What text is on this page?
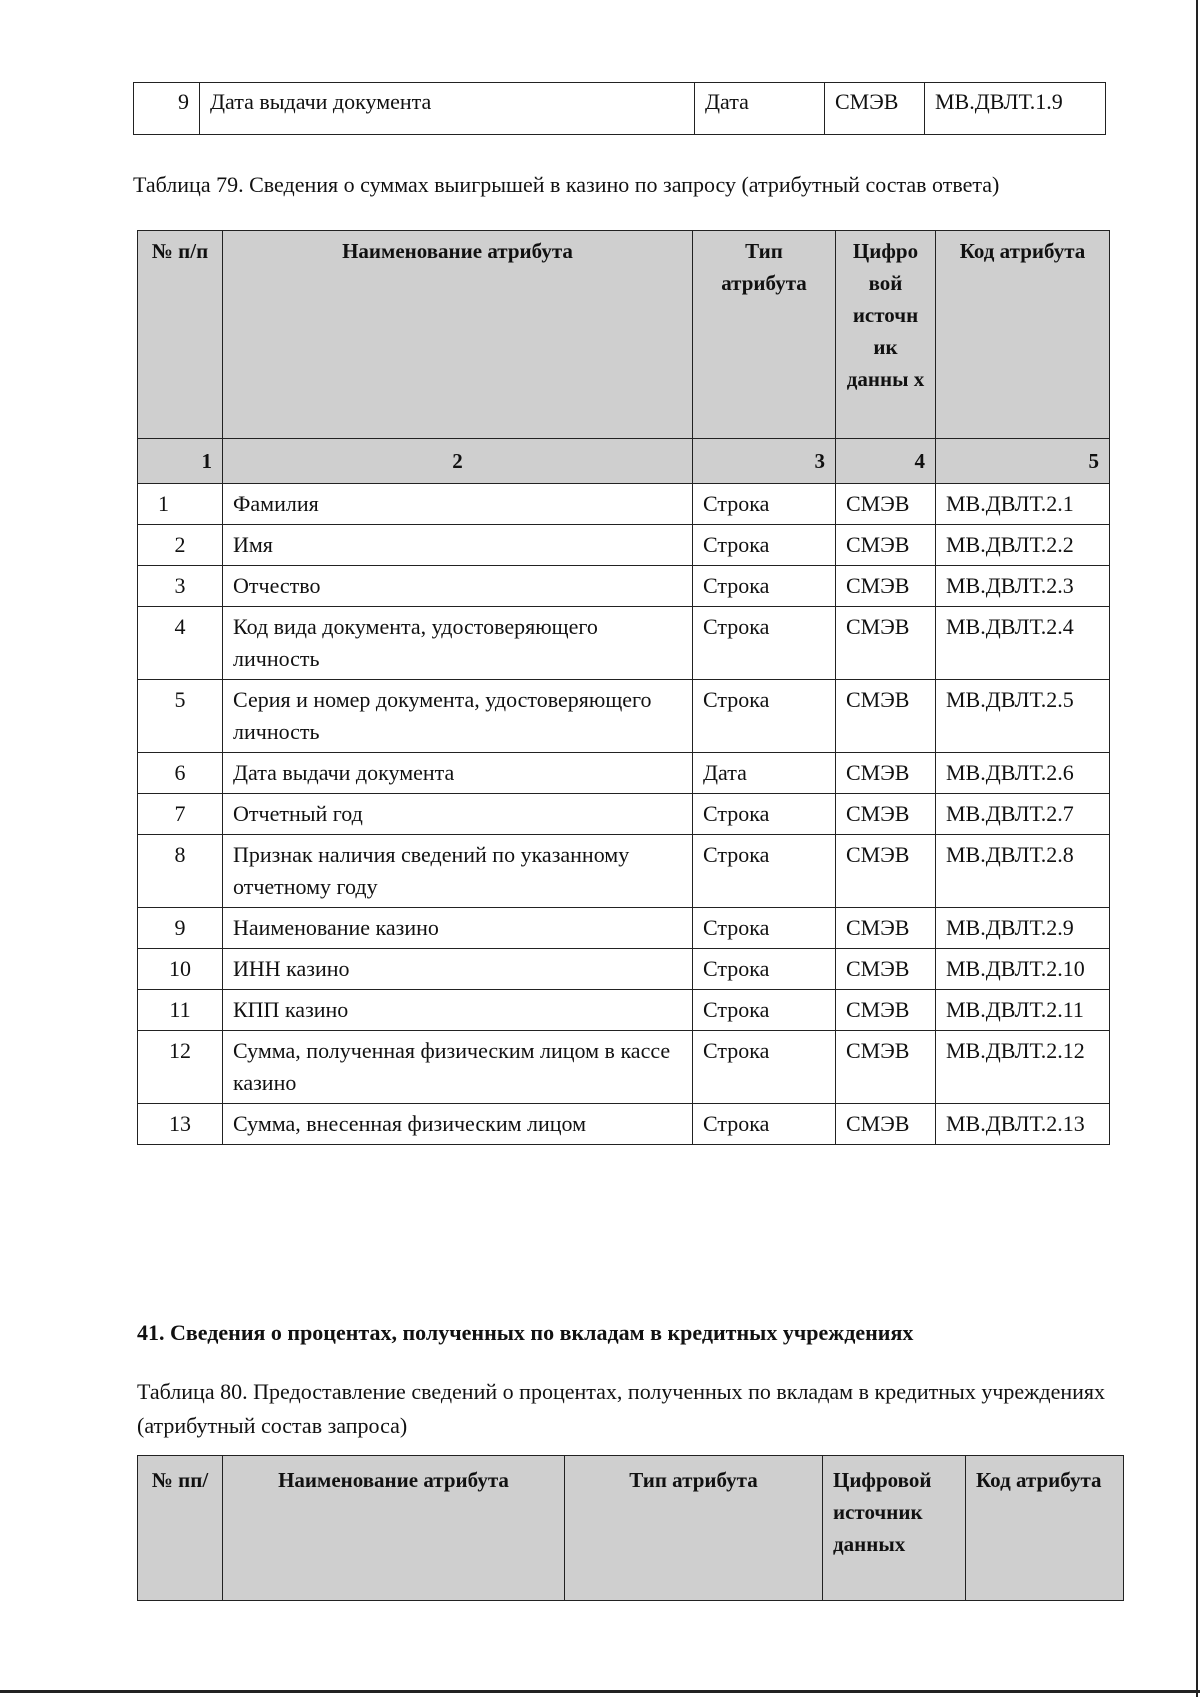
9	Дата выдачи документа	Дата	СМЭВ	МВ.ДВЛТ.1.9
Таблица 79. Сведения о суммах выигрышей в казино по запросу (атрибутный состав ответа)
№ п/п	Наименование атрибута	Тип атрибута	Цифро вой источн ик данны х	Код атрибута
1	2	3	4	5
1	Фамилия	Строка	СМЭВ	МВ.ДВЛТ.2.1
2	Имя	Строка	СМЭВ	МВ.ДВЛТ.2.2
3	Отчество	Строка	СМЭВ	МВ.ДВЛТ.2.3
4	Код вида документа, удостоверяющего личность	Строка	СМЭВ	МВ.ДВЛТ.2.4
5	Серия и номер документа, удостоверяющего личность	Строка	СМЭВ	МВ.ДВЛТ.2.5
6	Дата выдачи документа	Дата	СМЭВ	МВ.ДВЛТ.2.6
7	Отчетный год	Строка	СМЭВ	МВ.ДВЛТ.2.7
8	Признак наличия сведений по указанному отчетному году	Строка	СМЭВ	МВ.ДВЛТ.2.8
9	Наименование казино	Строка	СМЭВ	МВ.ДВЛТ.2.9
10	ИНН казино	Строка	СМЭВ	МВ.ДВЛТ.2.10
11	КПП казино	Строка	СМЭВ	МВ.ДВЛТ.2.11
12	Сумма, полученная физическим лицом в кассе казино	Строка	СМЭВ	МВ.ДВЛТ.2.12
13	Сумма, внесенная физическим лицом	Строка	СМЭВ	МВ.ДВЛТ.2.13
41. Сведения о процентах, полученных по вкладам в кредитных учреждениях
Таблица 80. Предоставление сведений о процентах, полученных по вкладам в кредитных учреждениях (атрибутный состав запроса)
№ пп/	Наименование атрибута	Тип атрибута	Цифровой источник данных	Код атрибута
